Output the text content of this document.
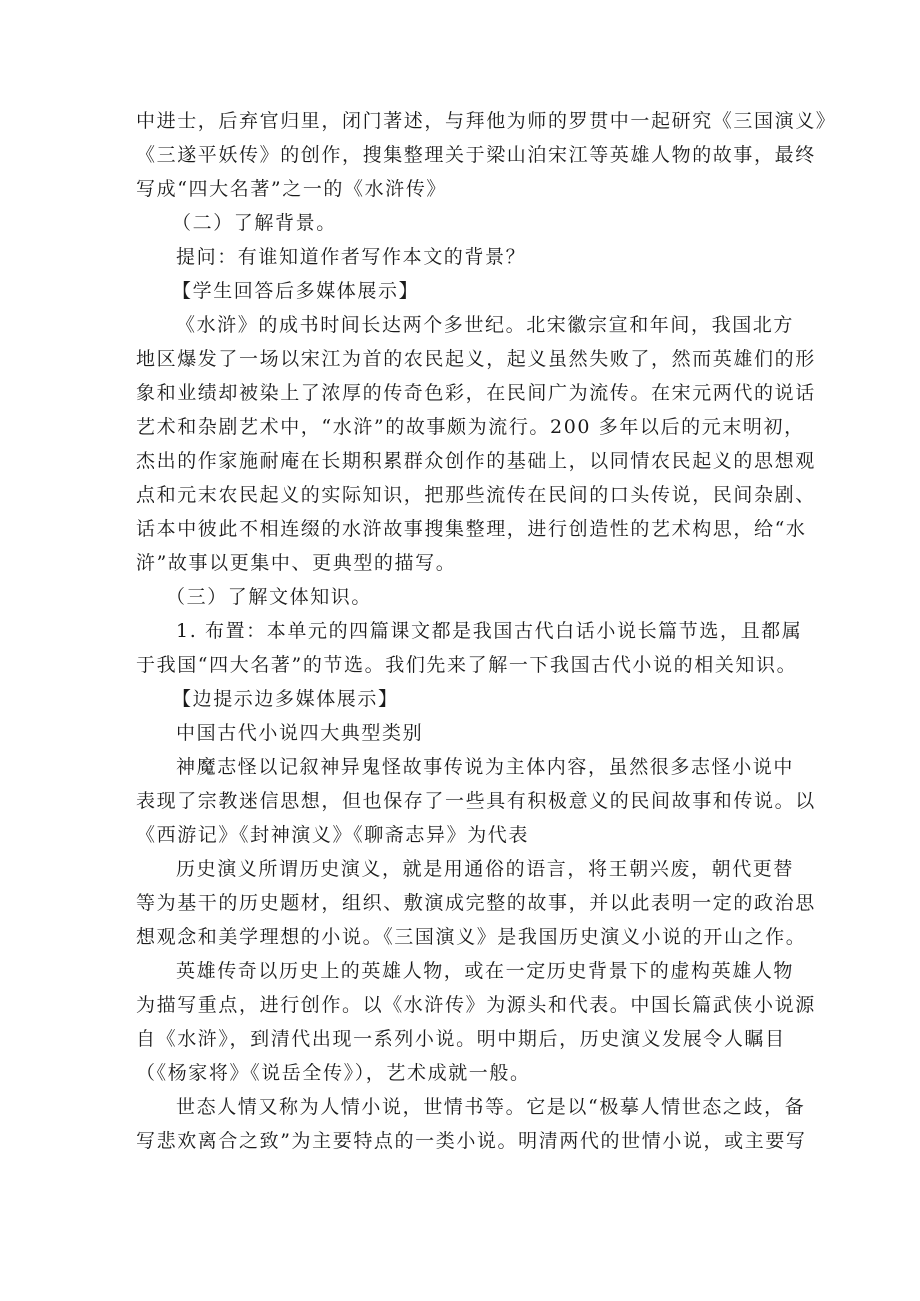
中进士，后弃官归里，闭门著述，与拜他为师的罗贯中一起研究《三国演义》
《三遂平妖传》的创作，搜集整理关于梁山泊宋江等英雄人物的故事，最终
写成“四大名著”之一的《水浒传》
（二）了解背景。
提问：有谁知道作者写作本文的背景？
【学生回答后多媒体展示】
《水浒》的成书时间长达两个多世纪。北宋徽宗宣和年间，我国北方
地区爆发了一场以宋江为首的农民起义，起义虽然失败了，然而英雄们的形
象和业绩却被染上了浓厚的传奇色彩，在民间广为流传。在宋元两代的说话
艺术和杂剧艺术中，“水浒”的故事颇为流行。200 多年以后的元末明初，
杰出的作家施耐庵在长期积累群众创作的基础上，以同情农民起义的思想观
点和元末农民起义的实际知识，把那些流传在民间的口头传说，民间杂剧、
话本中彼此不相连缀的水浒故事搜集整理，进行创造性的艺术构思，给“水
浒”故事以更集中、更典型的描写。
（三）了解文体知识。
1. 布置：本单元的四篇课文都是我国古代白话小说长篇节选，且都属
于我国“四大名著”的节选。我们先来了解一下我国古代小说的相关知识。
【边提示边多媒体展示】
中国古代小说四大典型类别
神魔志怪以记叙神异鬼怪故事传说为主体内容，虽然很多志怪小说中
表现了宗教迷信思想，但也保存了一些具有积极意义的民间故事和传说。以
《西游记》《封神演义》《聊斋志异》为代表
历史演义所谓历史演义，就是用通俗的语言，将王朝兴废，朝代更替
等为基干的历史题材，组织、敷演成完整的故事，并以此表明一定的政治思
想观念和美学理想的小说。《三国演义》是我国历史演义小说的开山之作。
英雄传奇以历史上的英雄人物，或在一定历史背景下的虚构英雄人物
为描写重点，进行创作。以《水浒传》为源头和代表。中国长篇武侠小说源
自《水浒》，到清代出现一系列小说。明中期后，历史演义发展令人瞩目
（《杨家将》《说岳全传》），艺术成就一般。
世态人情又称为人情小说，世情书等。它是以“极摹人情世态之歧，备
写悲欢离合之致”为主要特点的一类小说。明清两代的世情小说，或主要写
